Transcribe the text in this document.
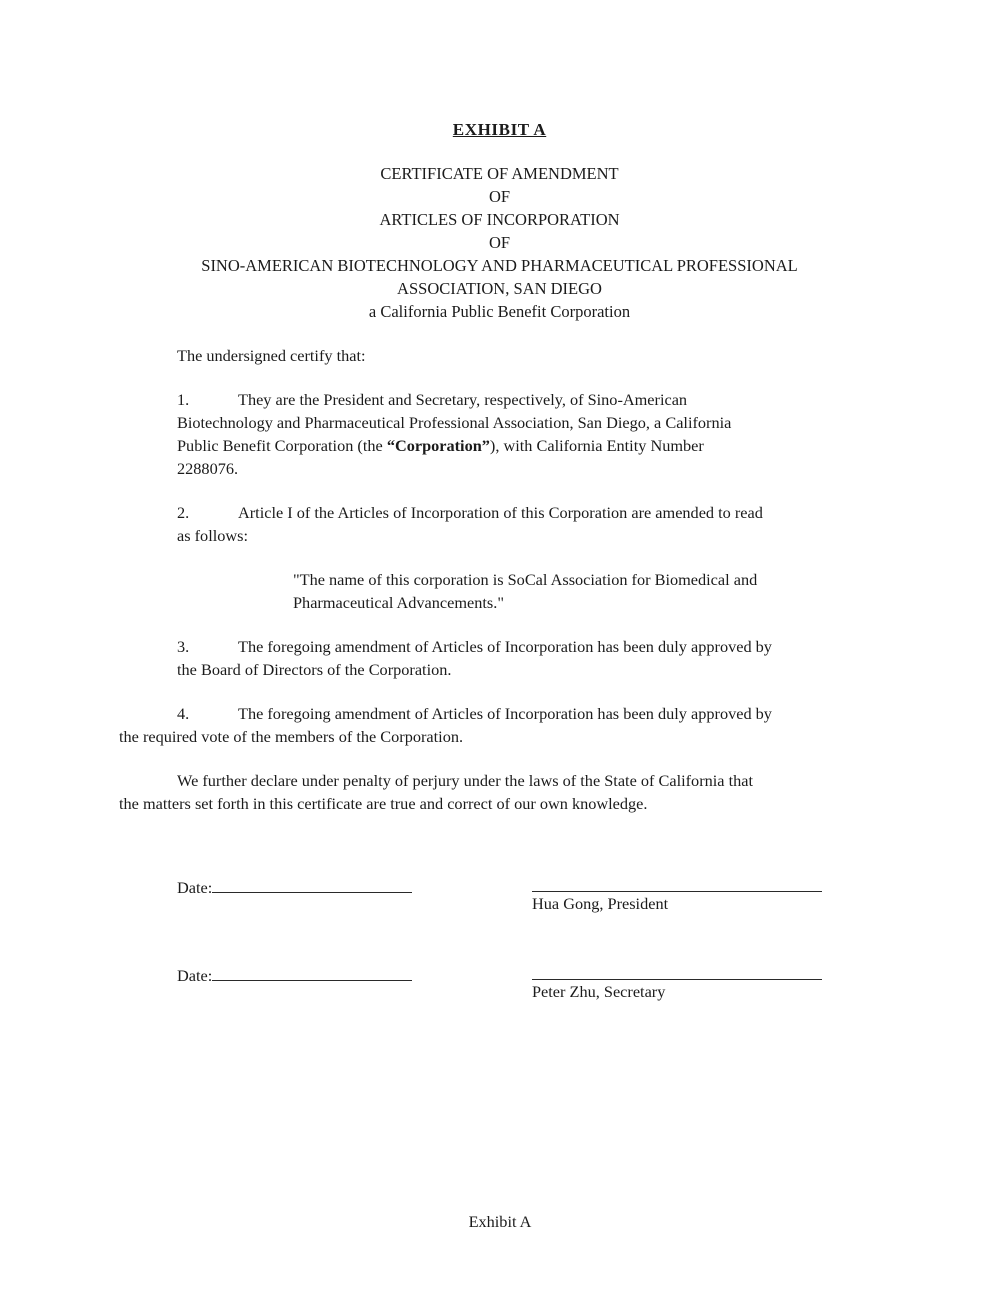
EXHIBIT A
CERTIFICATE OF AMENDMENT
OF
ARTICLES OF INCORPORATION
OF
SINO-AMERICAN BIOTECHNOLOGY AND PHARMACEUTICAL PROFESSIONAL
ASSOCIATION, SAN DIEGO
a California Public Benefit Corporation
The undersigned certify that:
1.	They are the President and Secretary, respectively, of Sino-American
Biotechnology and Pharmaceutical Professional Association, San Diego, a California
Public Benefit Corporation (the “Corporation”), with California Entity Number
2288076.
2.	Article I of the Articles of Incorporation of this Corporation are amended to read
as follows:
"The name of this corporation is SoCal Association for Biomedical and
Pharmaceutical Advancements."
3.	The foregoing amendment of Articles of Incorporation has been duly approved by
the Board of Directors of the Corporation.
4.	The foregoing amendment of Articles of Incorporation has been duly approved by
the required vote of the members of the Corporation.
We further declare under penalty of perjury under the laws of the State of California that
the matters set forth in this certificate are true and correct of our own knowledge.
Date:
Hua Gong, President
Date:
Peter Zhu, Secretary
Exhibit A
